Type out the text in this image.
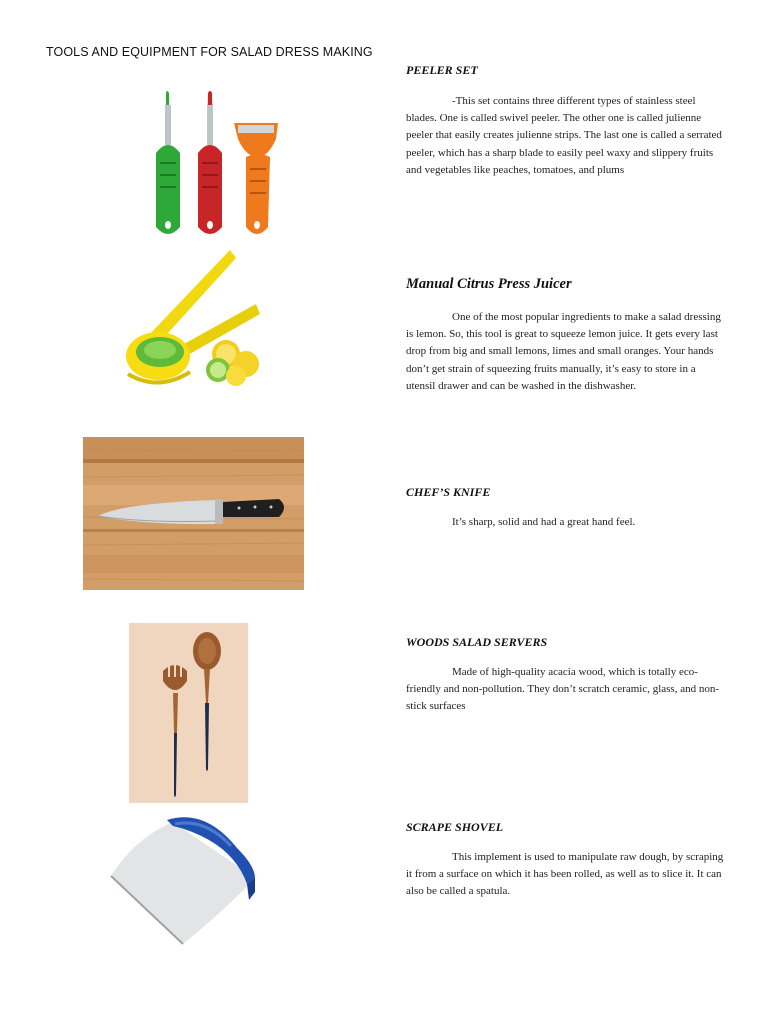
TOOLS AND EQUIPMENT FOR SALAD DRESS MAKING
PEELER SET

-This set contains three different types of stainless steel blades. One is called swivel peeler. The other one is called julienne peeler that easily creates julienne strips. The last one is called a serrated peeler, which has a sharp blade to easily peel waxy and slippery fruits and vegetables like peaches, tomatoes, and plums

Manual Citrus Press Juicer

One of the most popular ingredients to make a salad dressing is lemon. So, this tool is great to squeeze lemon juice. It gets every last drop from big and small lemons, limes and small oranges. Your hands don’t get strain of squeezing fruits manually, it’s easy to store in a utensil drawer and can be washed in the dishwasher.

CHEF’S KNIFE

It’s sharp, solid and had a great hand feel.

WOODS SALAD SERVERS

Made of high-quality acacia wood, which is totally eco-friendly and non-pollution. They don’t scratch ceramic, glass, and non-stick surfaces

SCRAPE SHOVEL

This implement is used to manipulate raw dough, by scraping it from a surface on which it has been rolled, as well as to slice it. It can also be called a spatula.
